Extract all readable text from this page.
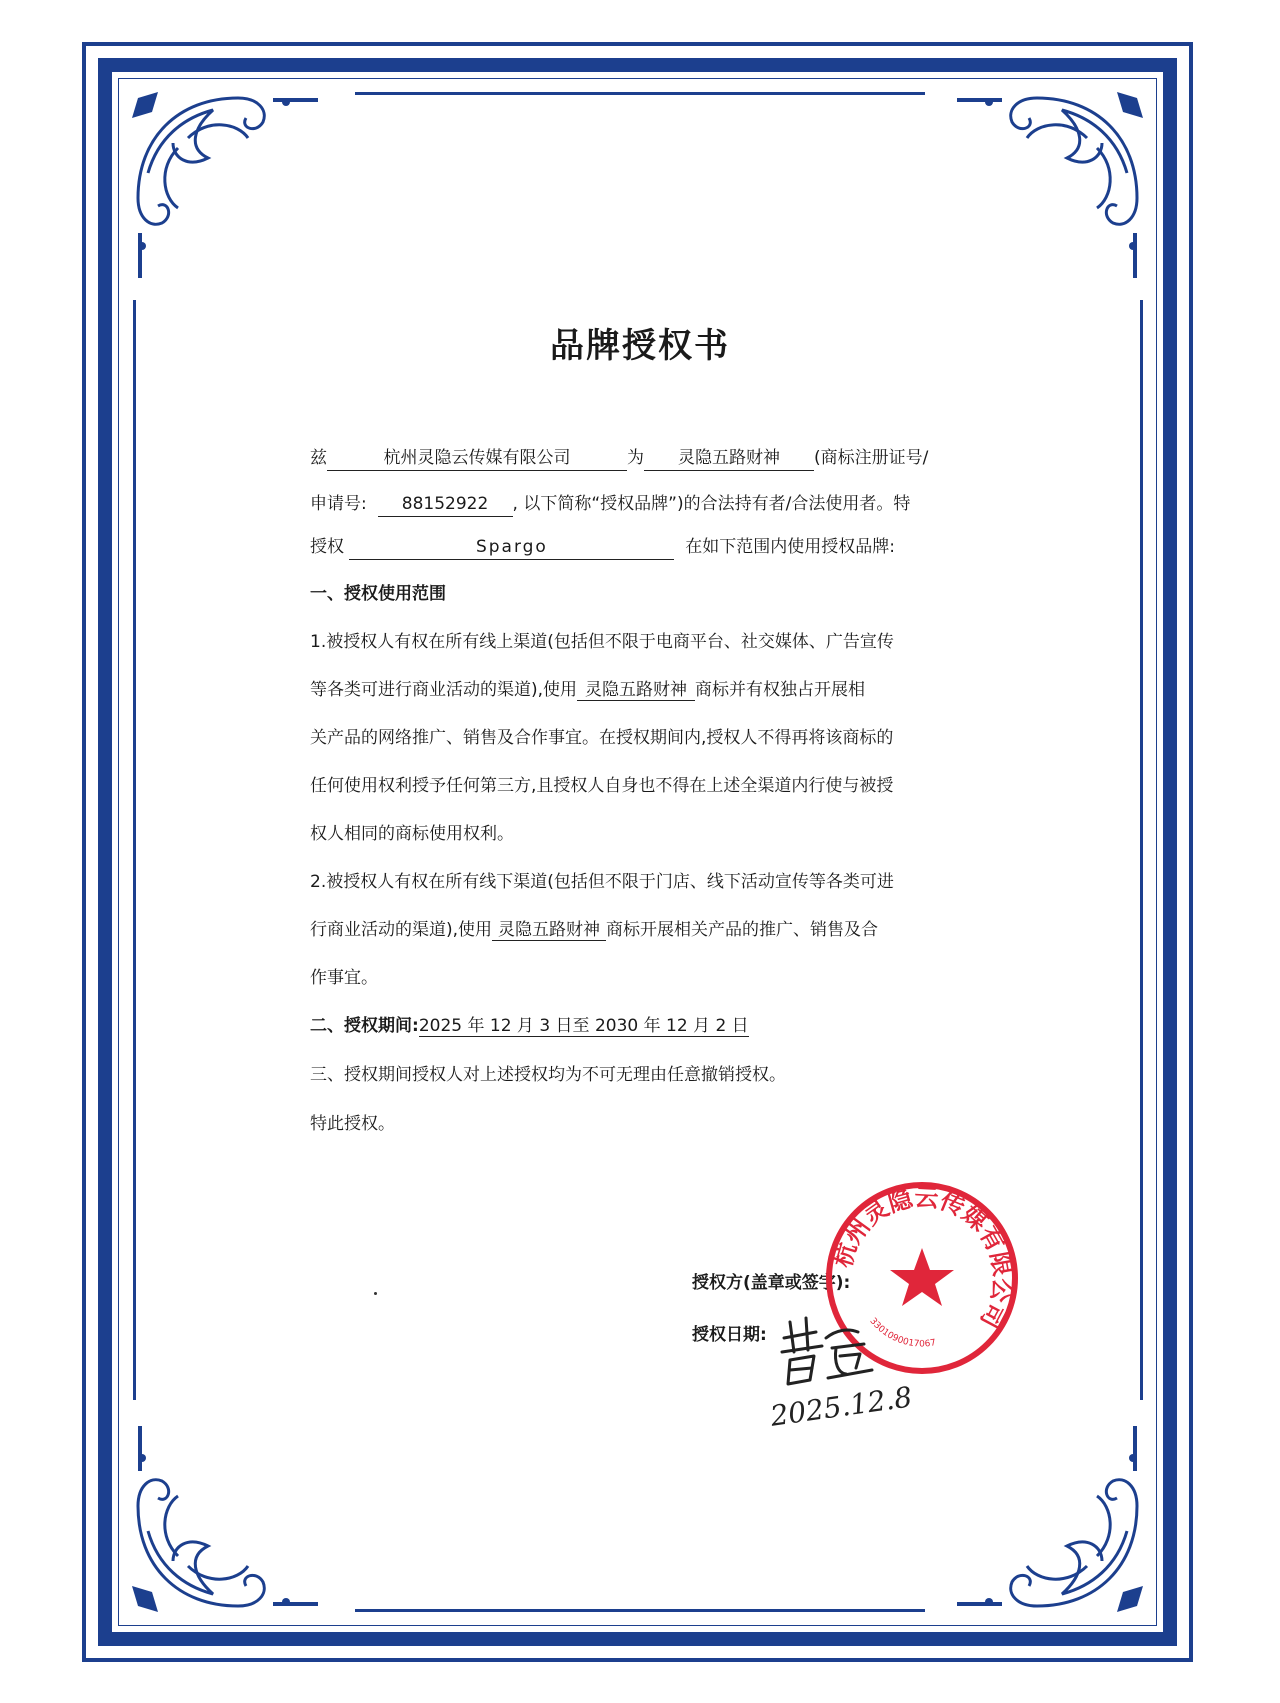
品牌授权书
兹	杭州灵隐云传媒有限公司	为 灵隐五路财神 (商标注册证号/
申请号: 88152922 , 以下简称“授权品牌”)的合法持有者/合法使用者。特
授权	Spargo	在如下范围内使用授权品牌:
一、授权使用范围
1.被授权人有权在所有线上渠道(包括但不限于电商平台、社交媒体、广告宣传
等各类可进行商业活动的渠道),使用 灵隐五路财神 商标并有权独占开展相
关产品的网络推广、销售及合作事宜。在授权期间内,授权人不得再将该商标的
任何使用权利授予任何第三方,且授权人自身也不得在上述全渠道内行使与被授
权人相同的商标使用权利。
2.被授权人有权在所有线下渠道(包括但不限于门店、线下活动宣传等各类可进
行商业活动的渠道),使用 灵隐五路财神 商标开展相关产品的推广、销售及合
作事宜。
二、授权期间:2025 年 12 月 3 日至 2030 年 12 月 2 日
三、授权期间授权人对上述授权均为不可无理由任意撤销授权。
特此授权。
授权方(盖章或签字):
授权日期:
杭州灵隐云传媒有限公司
3301090017067
2025.12.8
